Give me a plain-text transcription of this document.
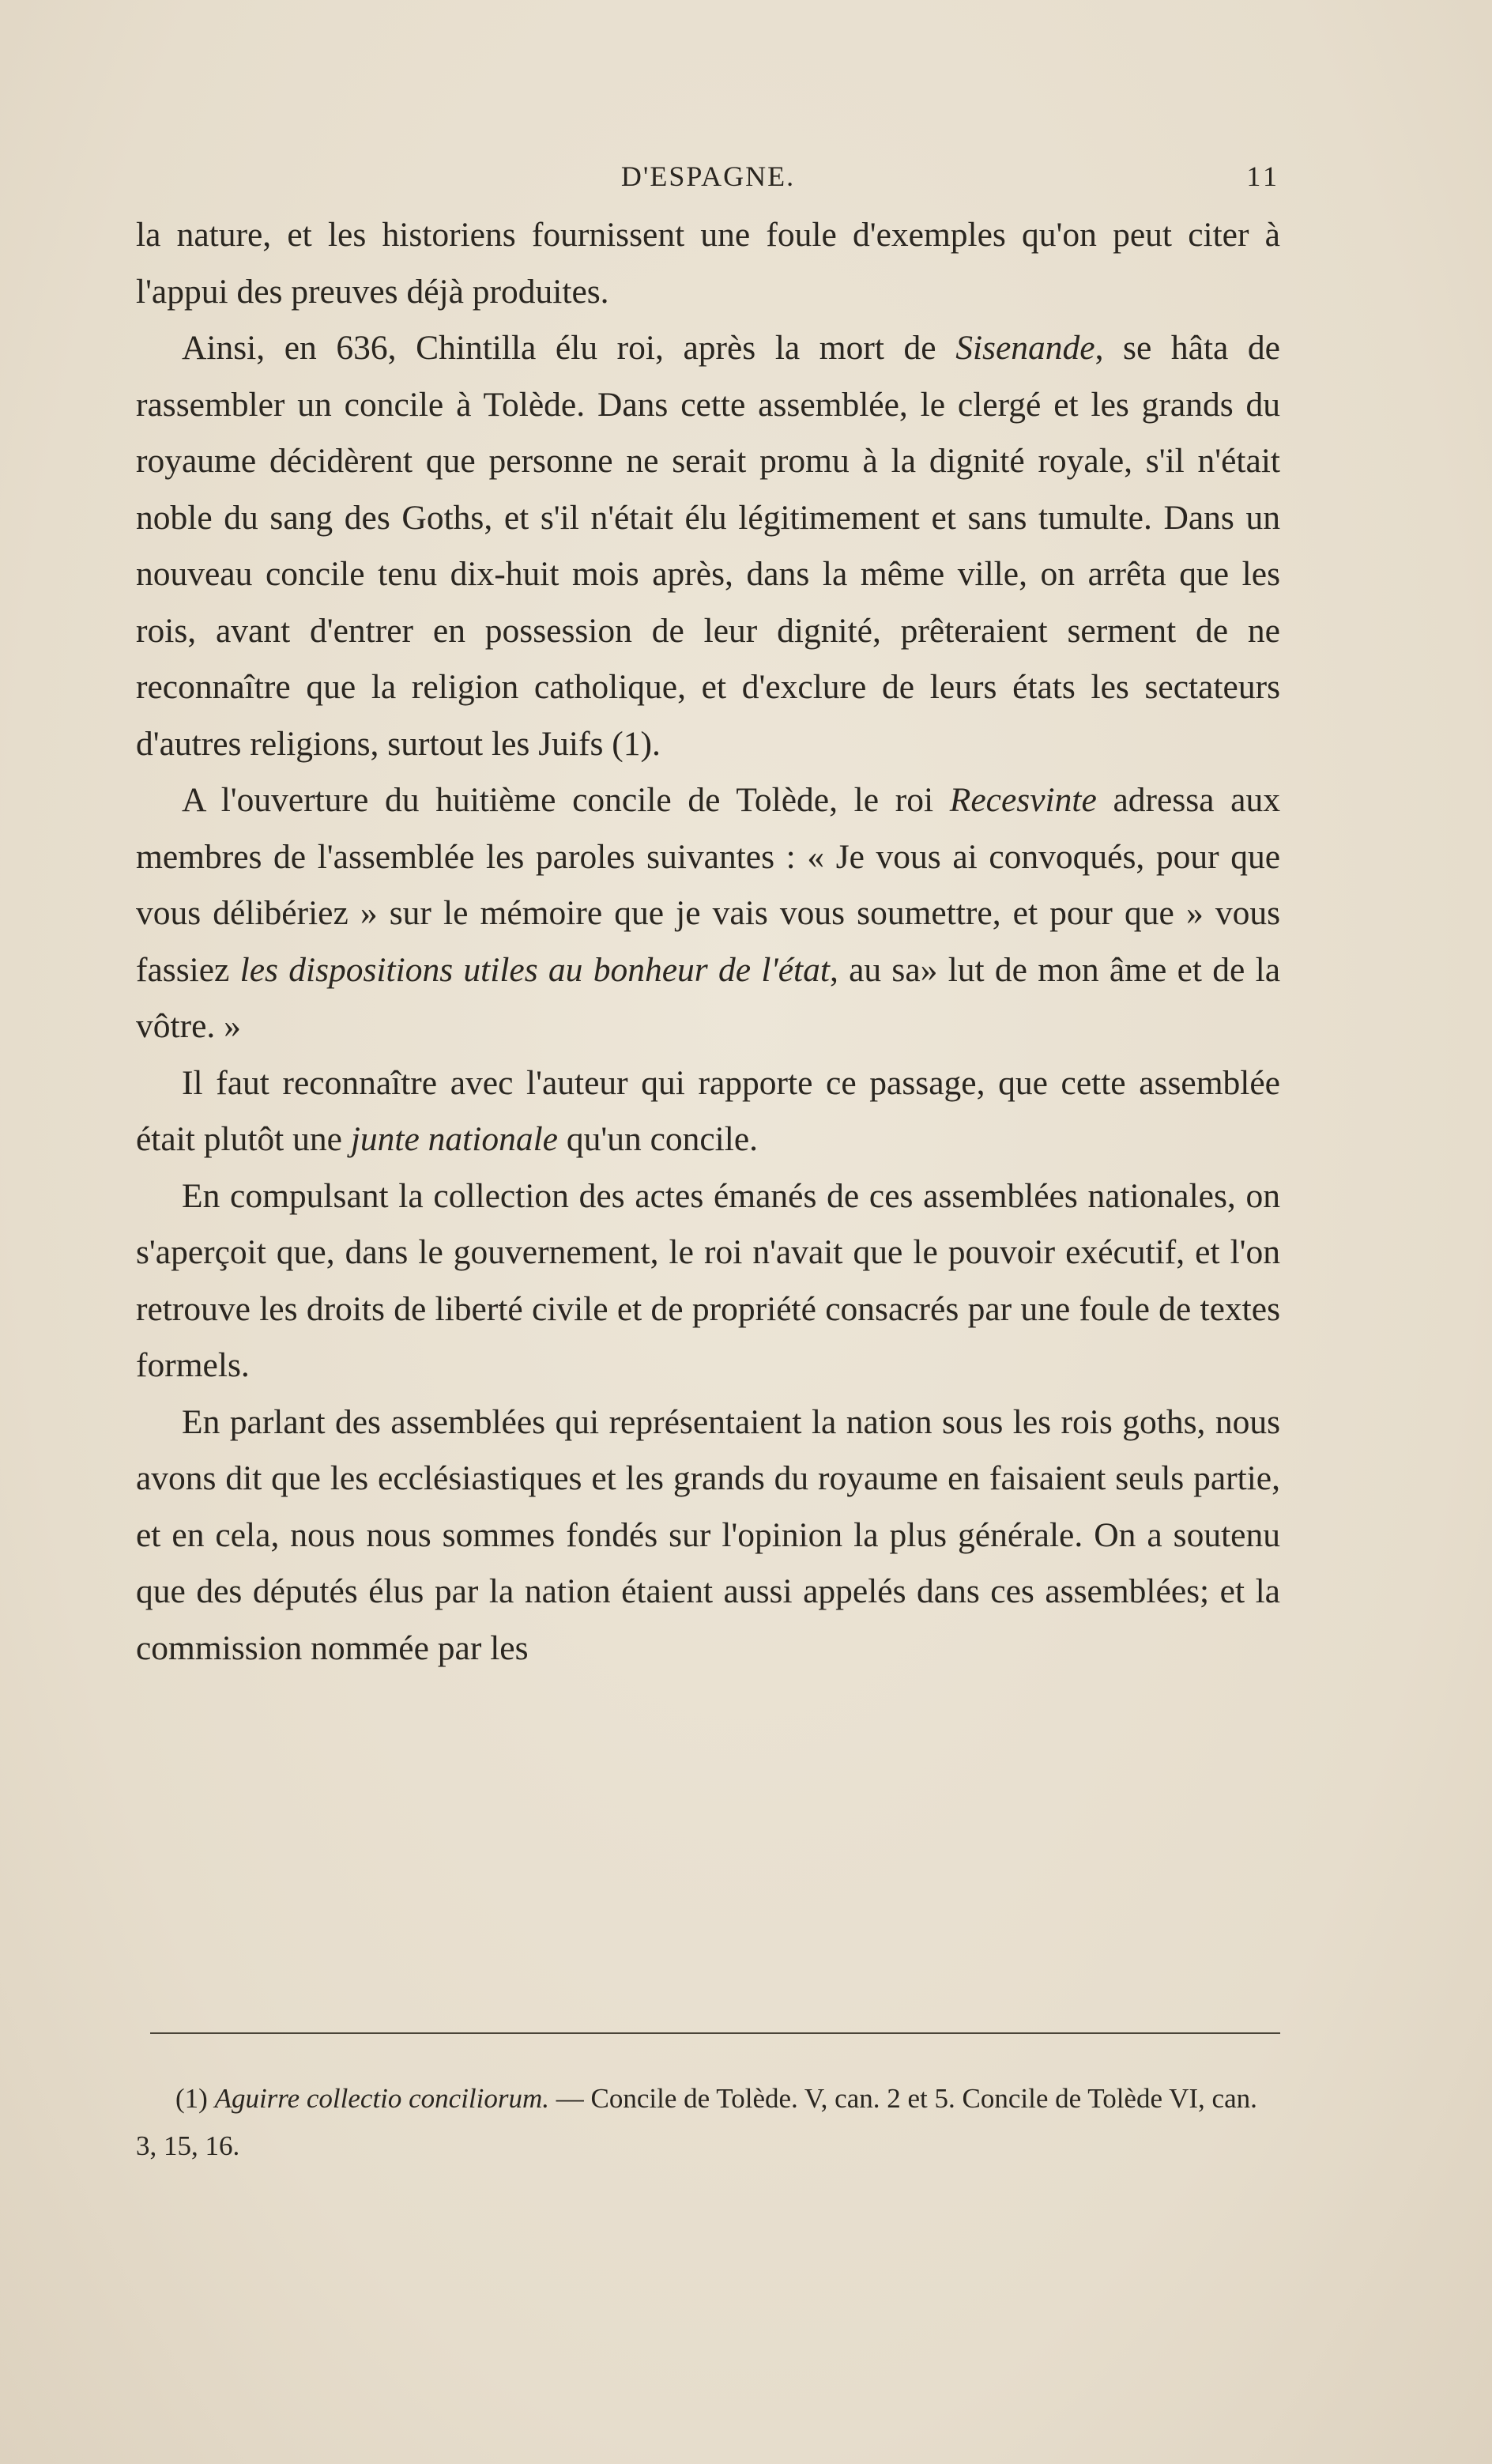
D'ESPAGNE.	11

la nature, et les historiens fournissent une foule d'exemples qu'on peut citer à l'appui des preuves déjà produites.

Ainsi, en 636, Chintilla élu roi, après la mort de Sisenande, se hâta de rassembler un concile à Tolède. Dans cette assemblée, le clergé et les grands du royaume décidèrent que personne ne serait promu à la dignité royale, s'il n'était noble du sang des Goths, et s'il n'était élu légitimement et sans tumulte. Dans un nouveau concile tenu dix-huit mois après, dans la même ville, on arrêta que les rois, avant d'entrer en possession de leur dignité, prêteraient serment de ne reconnaître que la religion catholique, et d'exclure de leurs états les sectateurs d'autres religions, surtout les Juifs (1).

A l'ouverture du huitième concile de Tolède, le roi Recesvinte adressa aux membres de l'assemblée les paroles suivantes : « Je vous ai convoqués, pour que vous délibériez » sur le mémoire que je vais vous soumettre, et pour que » vous fassiez les dispositions utiles au bonheur de l'état, au sa» lut de mon âme et de la vôtre. »

Il faut reconnaître avec l'auteur qui rapporte ce passage, que cette assemblée était plutôt une junte nationale qu'un concile.

En compulsant la collection des actes émanés de ces assemblées nationales, on s'aperçoit que, dans le gouvernement, le roi n'avait que le pouvoir exécutif, et l'on retrouve les droits de liberté civile et de propriété consacrés par une foule de textes formels.

En parlant des assemblées qui représentaient la nation sous les rois goths, nous avons dit que les ecclésiastiques et les grands du royaume en faisaient seuls partie, et en cela, nous nous sommes fondés sur l'opinion la plus générale. On a soutenu que des députés élus par la nation étaient aussi appelés dans ces assemblées; et la commission nommée par les

(1) Aguirre collectio conciliorum. — Concile de Tolède. V, can. 2 et 5. Concile de Tolède VI, can. 3, 15, 16.
